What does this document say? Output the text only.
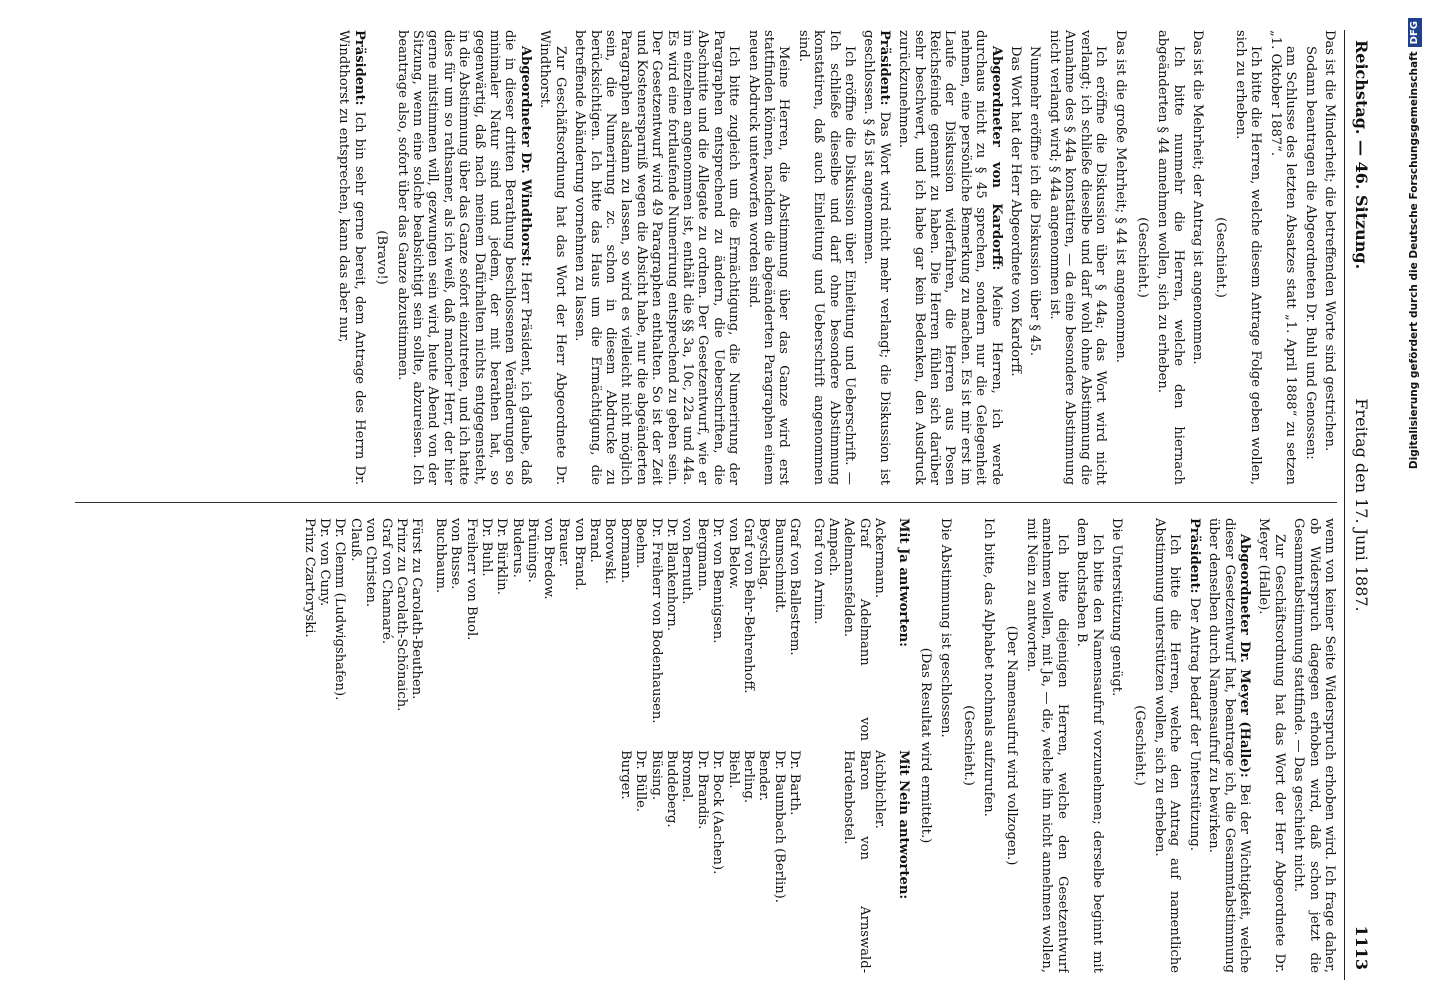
Reichstag. — 46. Sitzung.
Freitag den 17. Juni 1887.
1113

Das ist die Minderheit; die betreffenden Worte sind gestrichen.

Sodann beantragen die Abgeordneten Dr. Buhl und Genossen:

am Schlusse des letzten Absatzes statt „1. April 1888“ zu setzen „1. Oktober 1887“.

Ich bitte die Herren, welche diesem Antrage Folge geben wollen, sich zu erheben.

(Geschieht.)

Das ist die Mehrheit; der Antrag ist angenommen.

Ich bitte nunmehr die Herren, welche den hiernach abgeänderten § 44 annehmen wollen, sich zu erheben.

(Geschieht.)

Das ist die große Mehrheit; § 44 ist angenommen.

Ich eröffne die Diskussion über § 44a; das Wort wird nicht verlangt; ich schließe dieselbe und darf wohl ohne Abstimmung die Annahme des § 44a konstatiren, — da eine besondere Abstimmung nicht verlangt wird; § 44a angenommen ist.

Nunmehr eröffne ich die Diskussion über § 45.

Das Wort hat der Herr Abgeordnete von Kardorff.

Abgeordneter von Kardorff: Meine Herren, ich werde durchaus nicht zu § 45 sprechen, sondern nur die Gelegenheit nehmen, eine persönliche Bemerkung zu machen. Es ist mir erst im Laufe der Diskussion widerfahren, die Herren aus Posen Reichsfeinde genannt zu haben. Die Herren fühlen sich darüber sehr beschwert, und ich habe gar kein Bedenken, den Ausdruck zurückzunehmen.

Präsident: Das Wort wird nicht mehr verlangt; die Diskussion ist geschlossen. § 45 ist angenommen.

Ich eröffne die Diskussion über Einleitung und Ueberschrift. — Ich schließe dieselbe und darf ohne besondere Abstimmung konstatiren, daß auch Einleitung und Ueberschrift angenommen sind.

Meine Herren, die Abstimmung über das Ganze wird erst stattfinden können, nachdem die abgeänderten Paragraphen einem neuen Abdruck unterworfen worden sind.

Ich bitte zugleich um die Ermächtigung, die Numerirung der Paragraphen entsprechend zu ändern, die Ueberschriften, die Abschnitte und die Allegate zu ordnen. Der Gesetzentwurf, wie er im einzelnen angenommen ist, enthält die §§ 3a, 10c, 22a und 44a. Es wird eine fortlaufende Numerirung entsprechend zu geben sein. Der Gesetzentwurf wird 49 Paragraphen enthalten. So ist der Zeit und Kostenersparniß wegen die Absicht habe, nur die abgeänderten Paragraphen alsdann zu lassen, so wird es vielleicht nicht möglich sein, die Numerirung zc. schon in diesem Abdrucke zu berücksichtigen. Ich bitte das Haus um die Ermächtigung, die betreffende Abänderung vornehmen zu lassen.

Zur Geschäftsordnung hat das Wort der Herr Abgeordnete Dr. Windthorst.

Abgeordneter Dr. Windthorst: Herr Präsident, ich glaube, daß die in dieser dritten Berathung beschlossenen Veränderungen so minimaler Natur sind und jedem, der mit berathen hat, so gegenwärtig, daß nach meinem Dafürhalten nichts entgegensteht, in die Abstimmung über das Ganze sofort einzutreten, und ich hatte dies für um so rathsamer, als ich weiß, daß mancher Herr, der hier gerne mitstimmen will, gezwungen sein wird, heute Abend von der Sitzung, wenn eine solche beabsichtigt sein sollte, abzureisen. Ich beantrage also, sofort über das Ganze abzustimmen.

(Bravo!)

Präsident: Ich bin sehr gerne bereit, dem Antrage des Herrn Dr. Windthorst zu entsprechen, kann das aber nur,

wenn von keiner Seite Widerspruch erhoben wird. Ich frage daher, ob Widerspruch dagegen erhoben wird, daß schon jetzt die Gesammtabstimmung stattfinde. — Das geschieht nicht.

Zur Geschäftsordnung hat das Wort der Herr Abgeordnete Dr. Meyer (Halle).

Abgeordneter Dr. Meyer (Halle): Bei der Wichtigkeit, welche dieser Gesetzentwurf hat, beantrage ich, die Gesammtabstimmung über denselben durch Namensaufruf zu bewirken.

Präsident: Der Antrag bedarf der Unterstützung.

Ich bitte die Herren, welche den Antrag auf namentliche Abstimmung unterstützen wollen, sich zu erheben.

(Geschieht.)

Die Unterstützung genügt.

Ich bitte den Namensaufruf vorzunehmen; derselbe beginnt mit dem Buchstaben B.

Ich bitte diejenigen Herren, welche den Gesetzentwurf annehmen wollen, mit Ja, — die, welche ihn nicht annehmen wollen, mit Nein zu antworten.

(Der Namensaufruf wird vollzogen.)

Ich bitte, das Alphabet nochmals aufzurufen.

(Geschieht.)

Die Abstimmung ist geschlossen.

(Das Resultat wird ermittelt.)

Mit Ja antworten:
Mit Nein antworten:
Ackermann.
Graf Adelmann von Adelmannsfelden.
Ampach.
Graf von Arnim.
Aichbichler.
Baron von Arnswald-Hardenbostel.
Graf von Ballestrem.
Baumschmidt.
Beyschlag.
Graf von Behr-Behrenhoff.
von Below.
Dr. von Bennigsen.
Bergmann.
von Bernuth.
Dr. Blankenhorn.
Dr. Freiherr von Bodenhausen.
Boehm.
Bormann.
Borowski.
Brand.
von Brand.
Brauer.
von Bredow.
Brünings.
Buderus.
Dr. Bürklin.
Dr. Buhl.
Freiherr von Buol.
von Busse.
Buchbaum.
Dr. Barth.
Dr. Baumbach (Berlin).
Bender.
Berling.
Biehl.
Dr. Bock (Aachen).
Dr. Brandis.
Bromel.
Buddeberg.
Büsing.
Dr. Bülle.
Burger.
Fürst zu Carolath-Beuthen.
Prinz zu Carolath-Schönaich.
Graf von Chamaré.
von Christen.
Clauß.
Dr. Clemm (Ludwigshafen).
Dr. von Cuny.
Prinz Czartoryski.
Digitalisierung gefördert durch die Deutsche ForschungsgemeinschaftDFG
